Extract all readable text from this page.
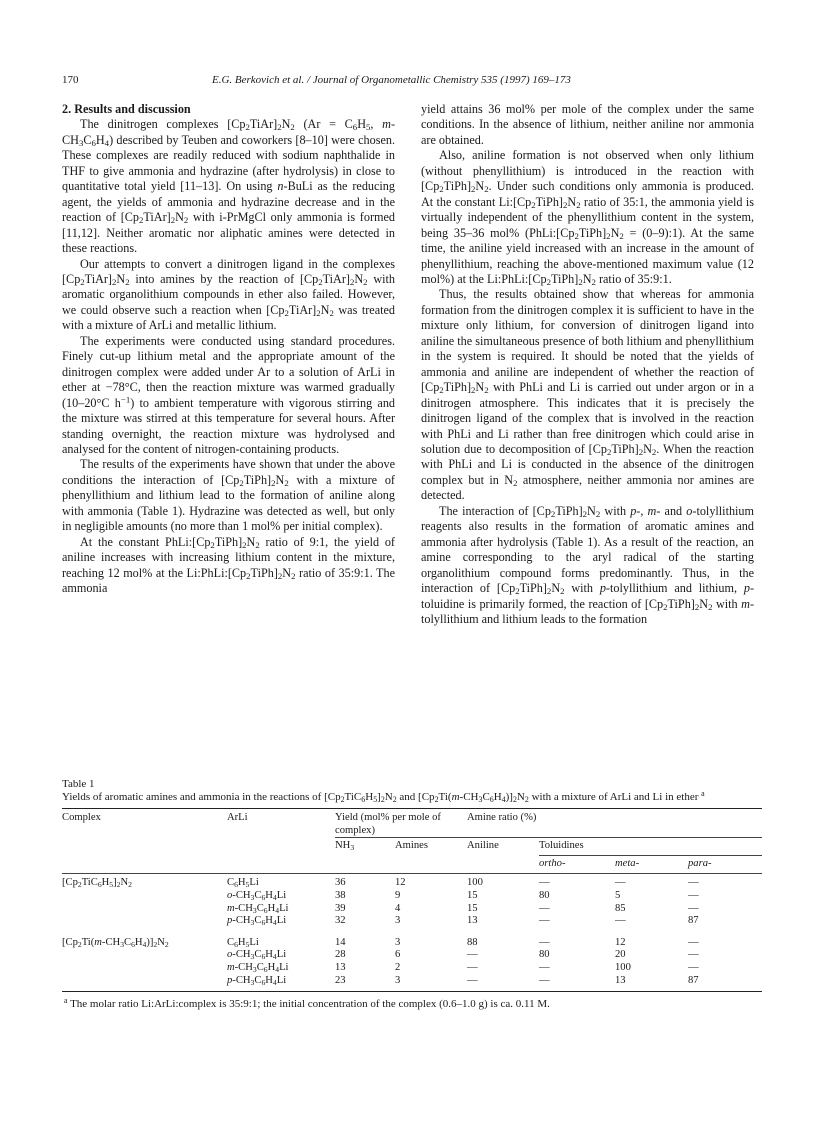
170	E.G. Berkovich et al. / Journal of Organometallic Chemistry 535 (1997) 169–173
2. Results and discussion

The dinitrogen complexes $[Cp_2TiAr]_2N_2$ ($Ar = C_6H_5$, $m-CH_3C_6H_4$) described by Teuben and coworkers [8–10] were chosen. These complexes are readily reduced with sodium naphthalide in THF to give ammonia and hydrazine (after hydrolysis) in close to quantitative total yield [11–13]. On using n-BuLi as the reducing agent, the yields of ammonia and hydrazine decrease and in the reaction of $[Cp_2TiAr]_2N_2$ with i-PrMgCl only ammonia is formed [11,12]. Neither aromatic nor aliphatic amines were detected in these reactions.

Our attempts to convert a dinitrogen ligand in the complexes $[Cp_2TiAr]_2N_2$ into amines by the reaction of $[Cp_2TiAr]_2N_2$ with aromatic organolithium compounds in ether also failed. However, we could observe such a reaction when $[Cp_2TiAr]_2N_2$ was treated with a mixture of ArLi and metallic lithium.

The experiments were conducted using standard procedures. Finely cut-up lithium metal and the appropriate amount of the dinitrogen complex were added under Ar to a solution of ArLi in ether at −78°C, then the reaction mixture was warmed gradually (10–20°C $h^{-1}$) to ambient temperature with vigorous stirring and the mixture was stirred at this temperature for several hours. After standing overnight, the reaction mixture was hydrolysed and analysed for the content of nitrogen-containing products.

The results of the experiments have shown that under the above conditions the interaction of $[Cp_2TiPh]_2N_2$ with a mixture of phenyllithium and lithium lead to the formation of aniline along with ammonia (Table 1). Hydrazine was detected as well, but only in negligible amounts (no more than 1 mol% per initial complex).

At the constant $PhLi:[Cp_2TiPh]_2N_2$ ratio of 9:1, the yield of aniline increases with increasing lithium content in the mixture, reaching 12 mol% at the $Li:PhLi:[Cp_2TiPh]_2N_2$ ratio of 35:9:1. The ammonia

yield attains 36 mol% per mole of the complex under the same conditions. In the absence of lithium, neither aniline nor ammonia are obtained.

Also, aniline formation is not observed when only lithium (without phenyllithium) is introduced in the reaction with $[Cp_2TiPh]_2N_2$. Under such conditions only ammonia is produced. At the constant $Li:[Cp_2TiPh]_2N_2$ ratio of 35:1, the ammonia yield is virtually independent of the phenyllithium content in the system, being 35–36 mol% ($PhLi:[Cp_2TiPh]_2N_2$ = (0–9):1). At the same time, the aniline yield increased with an increase in the amount of phenyllithium, reaching the above-mentioned maximum value (12 mol%) at the $Li:PhLi:[Cp_2TiPh]_2N_2$ ratio of 35:9:1.

Thus, the results obtained show that whereas for ammonia formation from the dinitrogen complex it is sufficient to have in the mixture only lithium, for conversion of dinitrogen ligand into aniline the simultaneous presence of both lithium and phenyllithium in the system is required. It should be noted that the yields of ammonia and aniline are independent of whether the reaction of $[Cp_2TiPh]_2N_2$ with PhLi and Li is carried out under argon or in a dinitrogen atmosphere. This indicates that it is precisely the dinitrogen ligand of the complex that is involved in the reaction with PhLi and Li rather than free dinitrogen which could arise in solution due to decomposition of $[Cp_2TiPh]_2N_2$. When the reaction with PhLi and Li is conducted in the absence of the dinitrogen complex but in $N_2$ atmosphere, neither ammonia nor amines are detected.

The interaction of $[Cp_2TiPh]_2N_2$ with p-, m- and o-tolyllithium reagents also results in the formation of aromatic amines and ammonia after hydrolysis (Table 1). As a result of the reaction, an amine corresponding to the aryl radical of the starting organolithium compound forms predominantly. Thus, in the interaction of $[Cp_2TiPh]_2N_2$ with p-tolyllithium and lithium, p-toluidine is primarily formed, the reaction of $[Cp_2TiPh]_2N_2$ with m-tolyllithium and lithium leads to the formation

Table 1
Yields of aromatic amines and ammonia in the reactions of $[Cp_2TiC_6H_5]_2N_2$ and $[Cp_2Ti(m-CH_3C_6H_4)]_2N_2$ with a mixture of ArLi and Li in ether $^a$
Complex	ArLi	Yield (mol% per mole of complex)		Amine ratio (%)			
		$NH_3$	Amines	Aniline	Toluidines		
					ortho-	meta-	para-
$[Cp_2TiC_6H_5]_2N_2$	$C_6H_5Li$	36	12	100	—	—	—
	$o-CH_3C_6H_4Li$	38	9	15	80	5	—
	$m-CH_3C_6H_4Li$	39	4	15	—	85	—
	$p-CH_3C_6H_4Li$	32	3	13	—	—	87
$[Cp_2Ti(m-CH_3C_6H_4)]_2N_2$	$C_6H_5Li$	14	3	88	—	12	—
	$o-CH_3C_6H_4Li$	28	6	—	80	20	—
	$m-CH_3C_6H_4Li$	13	2	—	—	100	—
	$p-CH_3C_6H_4Li$	23	3	—	—	13	87
$^a$ The molar ratio Li:ArLi:complex is 35:9:1; the initial concentration of the complex (0.6–1.0 g) is ca. 0.11 M.
